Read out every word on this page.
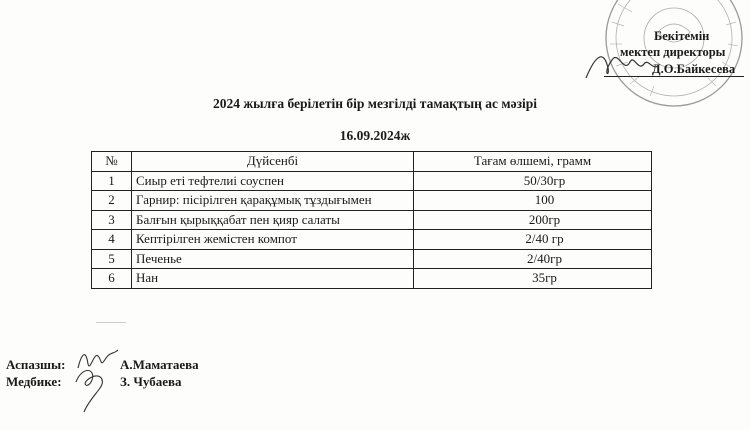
Бекітемін
мектеп директоры
Д.О.Байкесева
2024 жылға берілетін бір мезгілді тамақтың ас мәзірі
16.09.2024ж
№	Дүйсенбі	Тағам өлшемі, грамм
1	Сиыр еті тефтелиі соуспен	50/30гр
2	Гарнир: пісірілген қарақұмық тұздығымен	100
3	Балғын қырыққабат пен қияр салаты	200гр
4	Кептірілген жемістен компот	2/40 гр
5	Печенье	2/40гр
6	Нан	35гр
Аспазшы:
Медбике:
А.Маматаева
З. Чубаева
